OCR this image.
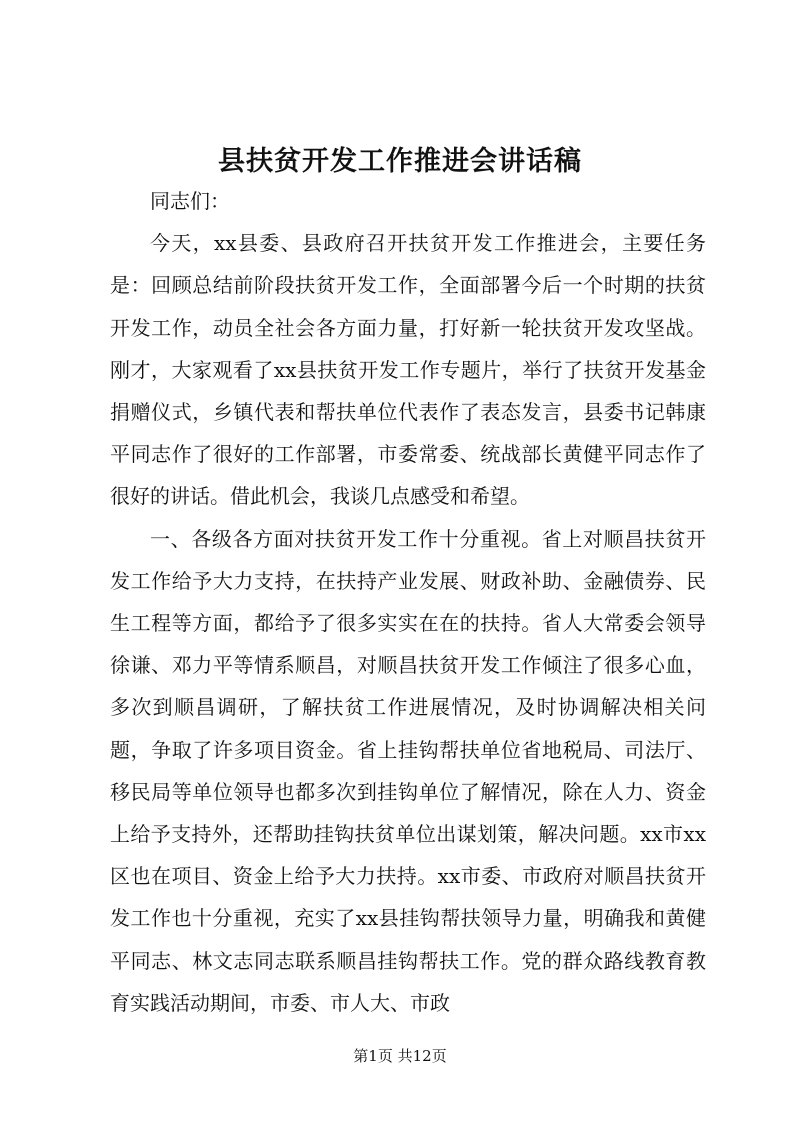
县扶贫开发工作推进会讲话稿

同志们：

今天，xx县委、县政府召开扶贫开发工作推进会，主要任务是：回顾总结前阶段扶贫开发工作，全面部署今后一个时期的扶贫开发工作，动员全社会各方面力量，打好新一轮扶贫开发攻坚战。刚才，大家观看了xx县扶贫开发工作专题片，举行了扶贫开发基金捐赠仪式，乡镇代表和帮扶单位代表作了表态发言，县委书记韩康平同志作了很好的工作部署，市委常委、统战部长黄健平同志作了很好的讲话。借此机会，我谈几点感受和希望。

一、各级各方面对扶贫开发工作十分重视。省上对顺昌扶贫开发工作给予大力支持，在扶持产业发展、财政补助、金融债券、民生工程等方面，都给予了很多实实在在的扶持。省人大常委会领导徐谦、邓力平等情系顺昌，对顺昌扶贫开发工作倾注了很多心血，多次到顺昌调研，了解扶贫工作进展情况，及时协调解决相关问题，争取了许多项目资金。省上挂钩帮扶单位省地税局、司法厅、移民局等单位领导也都多次到挂钩单位了解情况，除在人力、资金上给予支持外，还帮助挂钩扶贫单位出谋划策，解决问题。xx市xx区也在项目、资金上给予大力扶持。xx市委、市政府对顺昌扶贫开发工作也十分重视，充实了xx县挂钩帮扶领导力量，明确我和黄健平同志、林文志同志联系顺昌挂钩帮扶工作。党的群众路线教育教育实践活动期间，市委、市人大、市政

第1页 共12页
